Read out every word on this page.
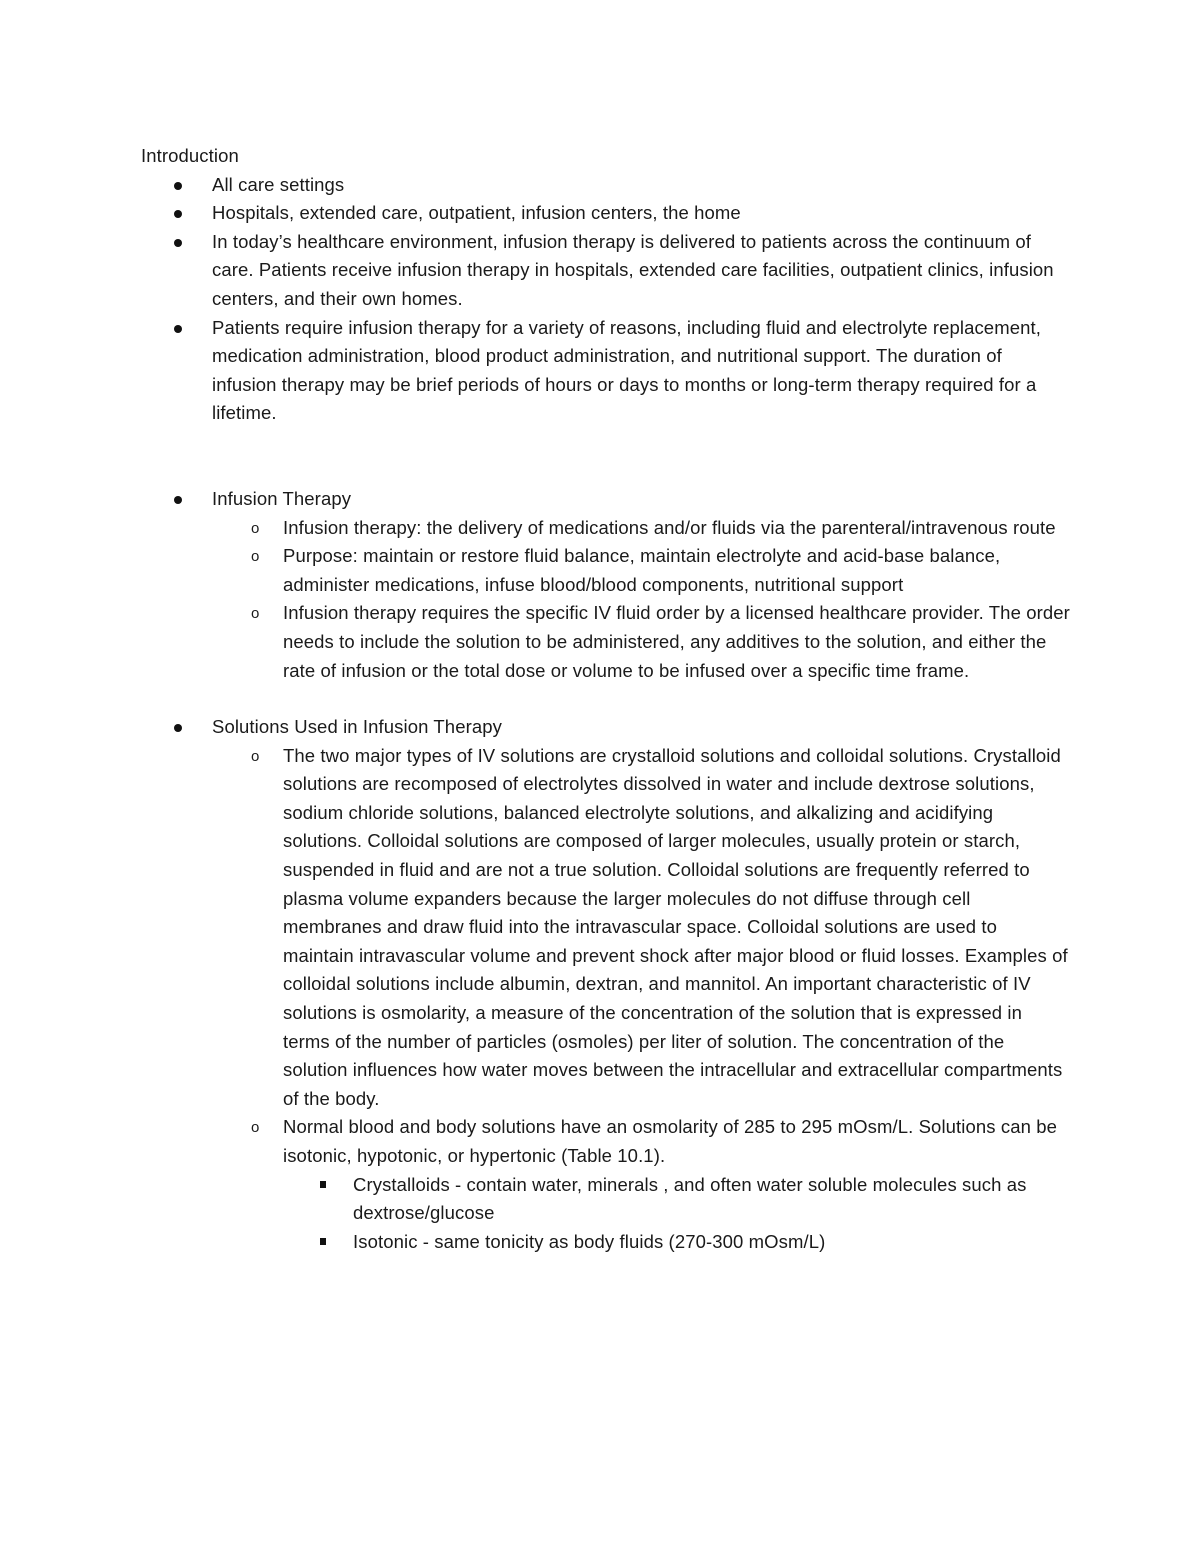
Introduction

All care settings
Hospitals, extended care, outpatient, infusion centers, the home
In today’s healthcare environment, infusion therapy is delivered to patients across the continuum of care. Patients receive infusion therapy in hospitals, extended care facilities, outpatient clinics, infusion centers, and their own homes.
Patients require infusion therapy for a variety of reasons, including fluid and electrolyte replacement, medication administration, blood product administration, and nutritional support. The duration of infusion therapy may be brief periods of hours or days to months or long-term therapy required for a lifetime.
Infusion Therapy
o Infusion therapy: the delivery of medications and/or fluids via the parenteral/intravenous route
o Purpose: maintain or restore fluid balance, maintain electrolyte and acid-base balance, administer medications, infuse blood/blood components, nutritional support
o Infusion therapy requires the specific IV fluid order by a licensed healthcare provider. The order needs to include the solution to be administered, any additives to the solution, and either the rate of infusion or the total dose or volume to be infused over a specific time frame.
Solutions Used in Infusion Therapy
o The two major types of IV solutions are crystalloid solutions and colloidal solutions. Crystalloid solutions are recomposed of electrolytes dissolved in water and include dextrose solutions, sodium chloride solutions, balanced electrolyte solutions, and alkalizing and acidifying solutions. Colloidal solutions are composed of larger molecules, usually protein or starch, suspended in fluid and are not a true solution. Colloidal solutions are frequently referred to plasma volume expanders because the larger molecules do not diffuse through cell membranes and draw fluid into the intravascular space. Colloidal solutions are used to maintain intravascular volume and prevent shock after major blood or fluid losses. Examples of colloidal solutions include albumin, dextran, and mannitol. An important characteristic of IV solutions is osmolarity, a measure of the concentration of the solution that is expressed in terms of the number of particles (osmoles) per liter of solution. The concentration of the solution influences how water moves between the intracellular and extracellular compartments of the body.
o Normal blood and body solutions have an osmolarity of 285 to 295 mOsm/L. Solutions can be isotonic, hypotonic, or hypertonic (Table 10.1).
Crystalloids - contain water, minerals , and often water soluble molecules such as dextrose/glucose
Isotonic - same tonicity as body fluids (270-300 mOsm/L)
